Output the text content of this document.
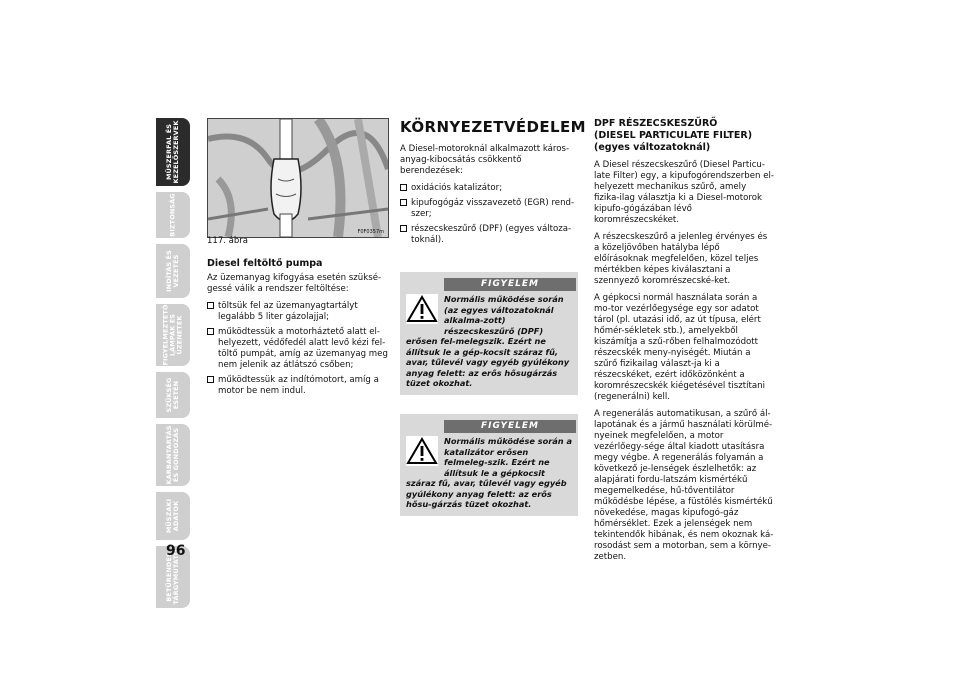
MŰSZERFAL ÉS
KEZELŐSZERVEK
BIZTONSÁG
INDÍTÁS ÉS
VEZETÉS
FIGYELMEZTETŐ
LÁMPÁK ÉS
ÜZENETEK
SZÜKSÉG
ESETÉN
KARBANTARTÁS
ÉS GONDOZÁS
MŰSZAKI
ADATOK
BETŰRENDES
TÁRGYMUTATÓ
96
F0F0357m
117. ábra
Diesel feltöltő pumpa

Az üzemanyag kifogyása esetén szüksé-gessé válik a rendszer feltöltése:

töltsük fel az üzemanyagtartályt legalább 5 liter gázolajjal;
működtessük a motorháztető alatt el-helyezett, védőfedél alatt levő kézi fel-töltő pumpát, amíg az üzemanyag meg nem jelenik az átlátszó csőben;
működtessük az indítómotort, amíg a motor be nem indul.
KÖRNYEZETVÉDELEM

A Diesel-motoroknál alkalmazott káros-anyag-kibocsátás csökkentő berendezések:

oxidációs katalizátor;
kipufogógáz visszavezető (EGR) rend-szer;
részecskeszűrő (DPF) (egyes változa-toknál).
FIGYELEM
Normális működése során (az egyes változatoknál alkalma-zott) részecskeszűrő (DPF) erősen fel-melegszik. Ezért ne állítsuk le a gép-kocsit száraz fű, avar, tűlevél vagy egyéb gyúlékony anyag felett: az erős hősugárzás tüzet okozhat.
FIGYELEM
Normális működése során a katalizátor erősen felmeleg-szik. Ezért ne állítsuk le a gépkocsit száraz fű, avar, tűlevél vagy egyéb gyúlékony anyag felett: az erős hősu-gárzás tüzet okozhat.
DPF RÉSZECSKESZŰRŐ
(DIESEL PARTICULATE FILTER)
(egyes változatoknál)

A Diesel részecskeszűrő (Diesel Particu-late Filter) egy, a kipufogórendszerben el-helyezett mechanikus szűrő, amely fizika-ilag választja ki a Diesel-motorok kipufo-gógázában lévő koromrészecskéket.

A részecskeszűrő a jelenleg érvényes és a közeljövőben hatályba lépő előírásoknak megfelelően, közel teljes mértékben képes kiválasztani a szennyező koromrészecské-ket.

A gépkocsi normál használata során a mo-tor vezérlőegysége egy sor adatot tárol (pl. utazási idő, az út típusa, elért hőmér-sékletek stb.), amelyekből kiszámítja a szű-rőben felhalmozódott részecskék meny-nyiségét. Miután a szűrő fizikailag választ-ja ki a részecskéket, ezért időközönként a koromrészecskék kiégetésével tisztítani (regenerálni) kell.

A regenerálás automatikusan, a szűrő ál-lapotának és a jármű használati körülmé-nyeinek megfelelően, a motor vezérlőegy-sége által kiadott utasításra megy végbe. A regenerálás folyamán a következő je-lenségek észlelhetők: az alapjárati fordu-latszám kismértékű megemelkedése, hű-tőventilátor működésbe lépése, a füstölés kismértékű növekedése, magas kipufogó-gáz hőmérséklet. Ezek a jelenségek nem tekintendők hibának, és nem okoznak ká-rosodást sem a motorban, sem a környe-zetben.
